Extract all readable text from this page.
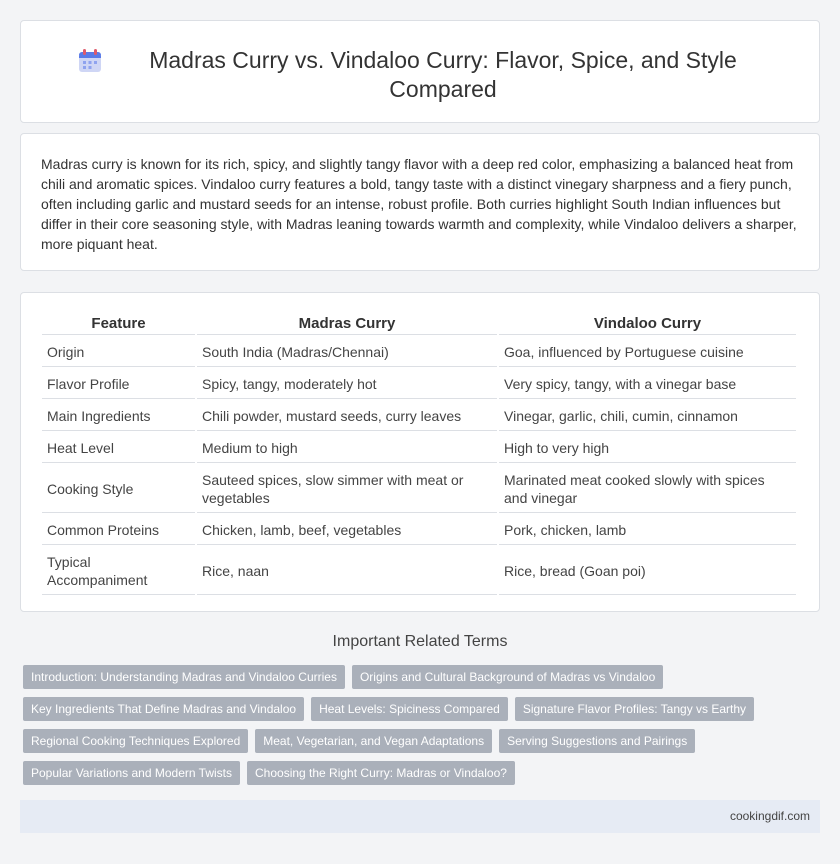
Madras Curry vs. Vindaloo Curry: Flavor, Spice, and Style Compared

Madras curry is known for its rich, spicy, and slightly tangy flavor with a deep red color, emphasizing a balanced heat from chili and aromatic spices. Vindaloo curry features a bold, tangy taste with a distinct vinegary sharpness and a fiery punch, often including garlic and mustard seeds for an intense, robust profile. Both curries highlight South Indian influences but differ in their core seasoning style, with Madras leaning towards warmth and complexity, while Vindaloo delivers a sharper, more piquant heat.

Feature	Madras Curry	Vindaloo Curry
Origin	South India (Madras/Chennai)	Goa, influenced by Portuguese cuisine
Flavor Profile	Spicy, tangy, moderately hot	Very spicy, tangy, with a vinegar base
Main Ingredients	Chili powder, mustard seeds, curry leaves	Vinegar, garlic, chili, cumin, cinnamon
Heat Level	Medium to high	High to very high
Cooking Style	Sauteed spices, slow simmer with meat or vegetables	Marinated meat cooked slowly with spices and vinegar
Common Proteins	Chicken, lamb, beef, vegetables	Pork, chicken, lamb
Typical Accompaniment	Rice, naan	Rice, bread (Goan poi)
Important Related Terms
Introduction: Understanding Madras and Vindaloo Curries	Origins and Cultural Background of Madras vs Vindaloo
Key Ingredients That Define Madras and Vindaloo	Heat Levels: Spiciness Compared	Signature Flavor Profiles: Tangy vs Earthy
Regional Cooking Techniques Explored	Meat, Vegetarian, and Vegan Adaptations	Serving Suggestions and Pairings
Popular Variations and Modern Twists	Choosing the Right Curry: Madras or Vindaloo?
cookingdif.com
